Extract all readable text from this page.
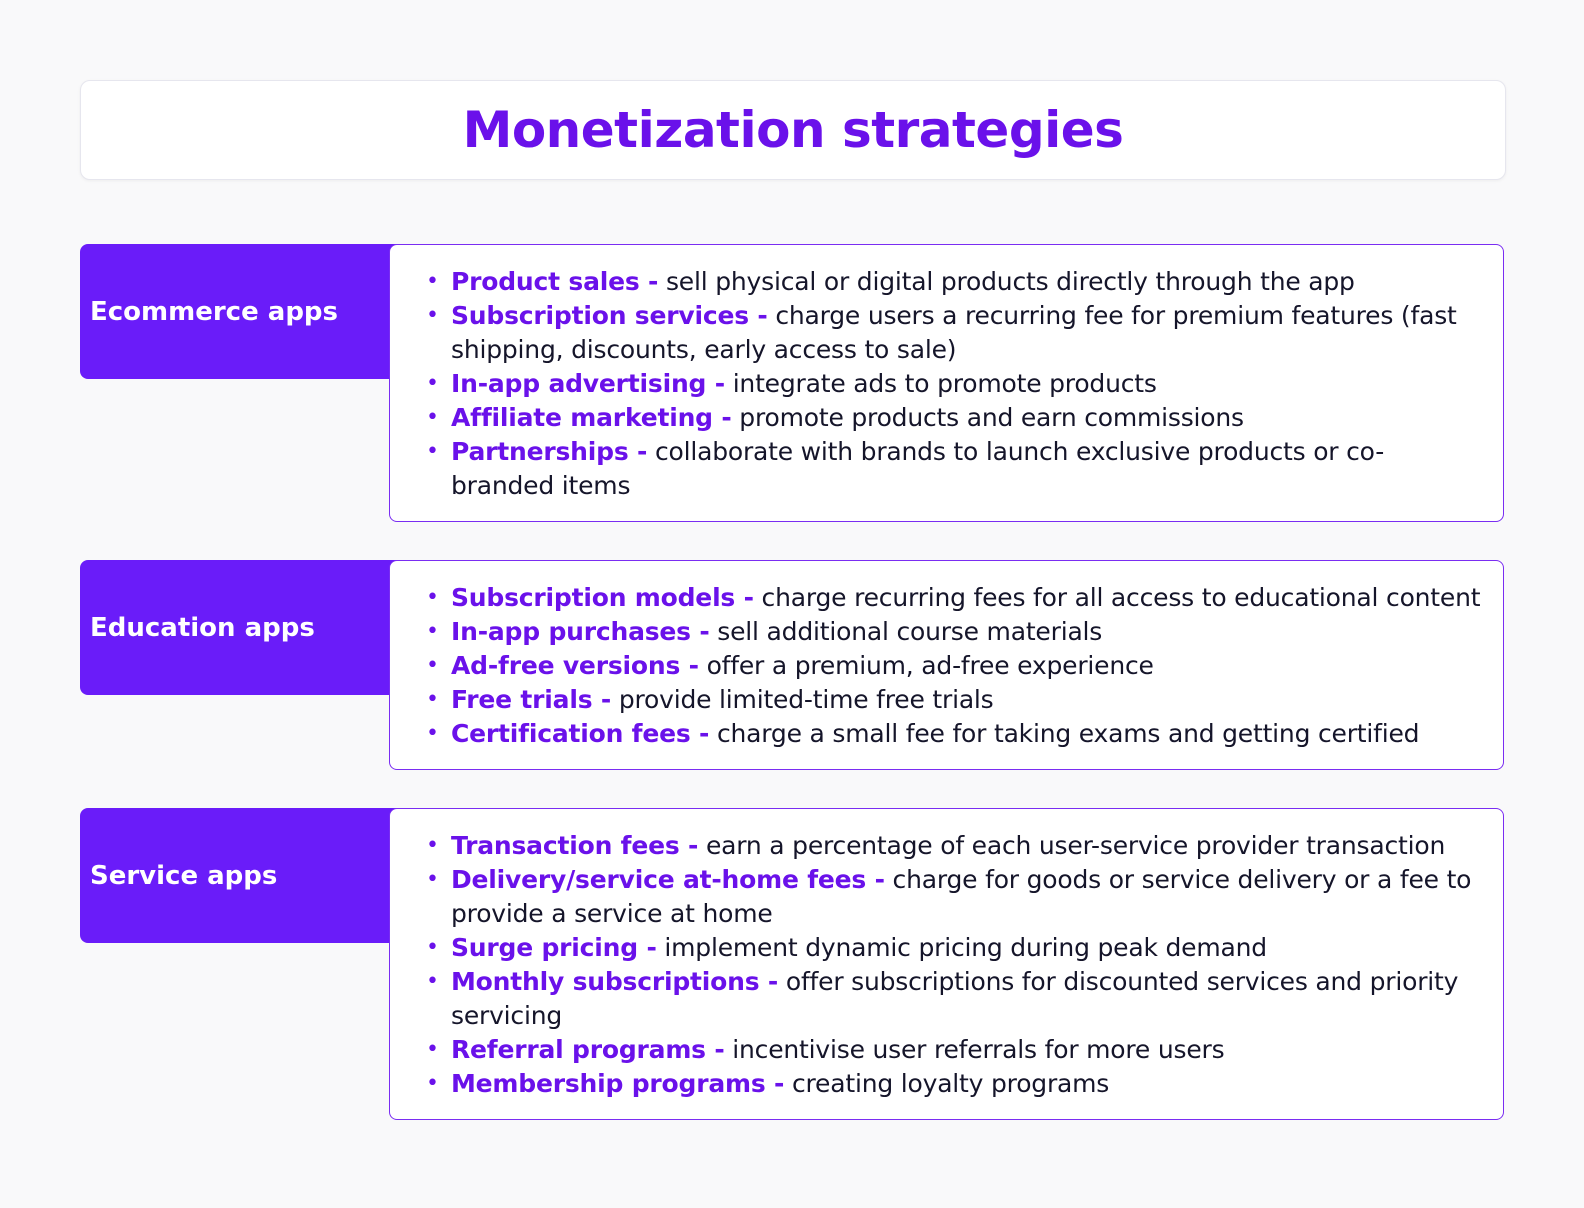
Monetization strategies
Ecommerce apps
• Product sales - sell physical or digital products directly through the app
• Subscription services - charge users a recurring fee for premium features (fast shipping, discounts, early access to sale)
• In-app advertising - integrate ads to promote products
• Affiliate marketing - promote products and earn commissions
• Partnerships - collaborate with brands to launch exclusive products or co-branded items
Education apps
• Subscription models - charge recurring fees for all access to educational content
• In-app purchases - sell additional course materials
• Ad-free versions - offer a premium, ad-free experience
• Free trials - provide limited-time free trials
• Certification fees - charge a small fee for taking exams and getting certified
Service apps
• Transaction fees - earn a percentage of each user-service provider transaction
• Delivery/service at-home fees - charge for goods or service delivery or a fee to provide a service at home
• Surge pricing - implement dynamic pricing during peak demand
• Monthly subscriptions - offer subscriptions for discounted services and priority servicing
• Referral programs - incentivise user referrals for more users
• Membership programs - creating loyalty programs
